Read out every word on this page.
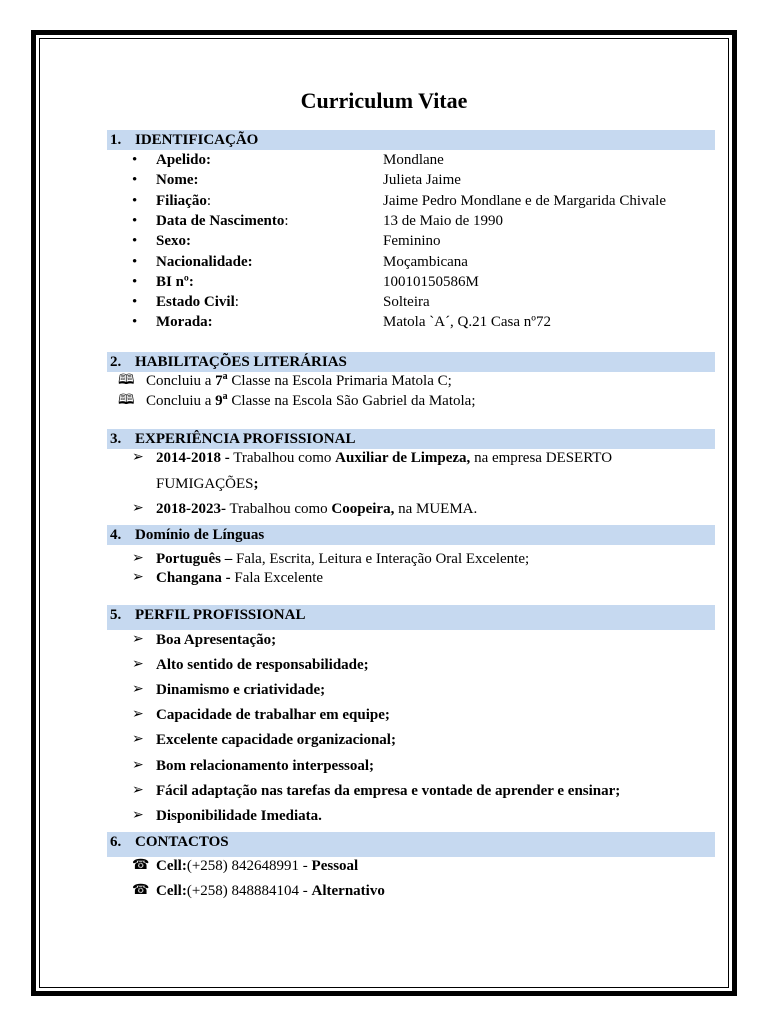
Curriculum Vitae
1. IDENTIFICAÇÃO
• Apelido:	Mondlane
• Nome:	Julieta Jaime
• Filiação:	Jaime Pedro Mondlane e de Margarida Chivale
• Data de Nascimento:	13 de Maio de 1990
• Sexo:	Feminino
• Nacionalidade:	Moçambicana
• BI nº:	10010150586M
• Estado Civil:	Solteira
• Morada:	Matola `A´, Q.21 Casa nº72
2. HABILITAÇÕES LITERÁRIAS
🕮 Concluiu a 7$^a$ Classe na Escola Primaria Matola C;
🕮 Concluiu a 9$^a$ Classe na Escola São Gabriel da Matola;
3. EXPERIÊNCIA PROFISSIONAL
➢ 2014-2018 - Trabalhou como Auxiliar de Limpeza, na empresa DESERTO
FUMIGAÇÕES;
➢ 2018-2023- Trabalhou como Coopeira, na MUEMA.
4. Domínio de Línguas
➢ Português – Fala, Escrita, Leitura e Interação Oral Excelente;
➢ Changana - Fala Excelente
5. PERFIL PROFISSIONAL
➢ Boa Apresentação;
➢ Alto sentido de responsabilidade;
➢ Dinamismo e criatividade;
➢ Capacidade de trabalhar em equipe;
➢ Excelente capacidade organizacional;
➢ Bom relacionamento interpessoal;
➢ Fácil adaptação nas tarefas da empresa e vontade de aprender e ensinar;
➢ Disponibilidade Imediata.
6. CONTACTOS
☎ Cell:(+258) 842648991 - Pessoal
☎ Cell:(+258) 848884104 - Alternativo
